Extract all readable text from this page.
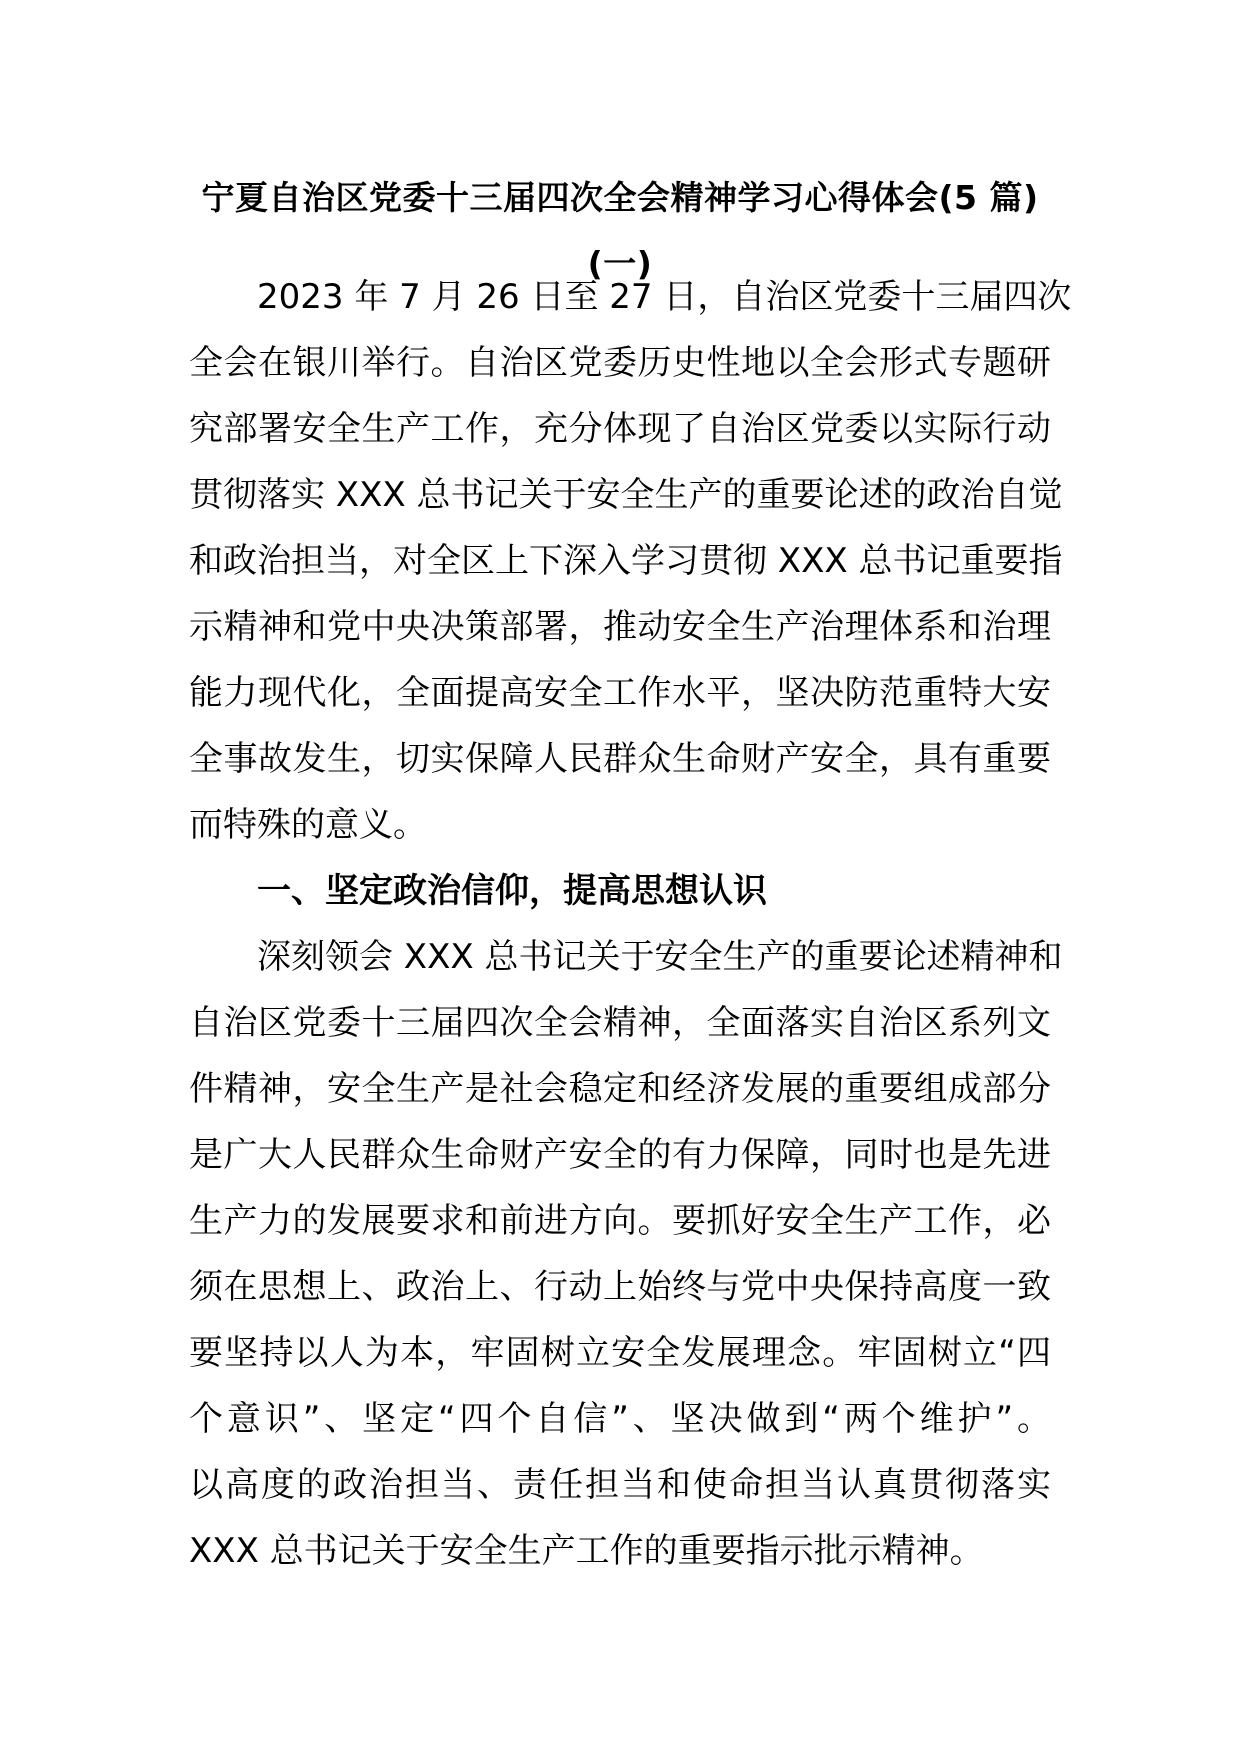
宁夏自治区党委十三届四次全会精神学习心得体会(5 篇)
(一)
2023 年 7 月 26 日至 27 日，自治区党委十三届四次
全会在银川举行。自治区党委历史性地以全会形式专题研
究部署安全生产工作，充分体现了自治区党委以实际行动
贯彻落实 XXX 总书记关于安全生产的重要论述的政治自觉
和政治担当，对全区上下深入学习贯彻 XXX 总书记重要指
示精神和党中央决策部署，推动安全生产治理体系和治理
能力现代化，全面提高安全工作水平，坚决防范重特大安
全事故发生，切实保障人民群众生命财产安全，具有重要
而特殊的意义。
一、坚定政治信仰，提高思想认识
深刻领会 XXX 总书记关于安全生产的重要论述精神和
自治区党委十三届四次全会精神，全面落实自治区系列文
件精神，安全生产是社会稳定和经济发展的重要组成部分
是广大人民群众生命财产安全的有力保障，同时也是先进
生产力的发展要求和前进方向。要抓好安全生产工作，必
须在思想上、政治上、行动上始终与党中央保持高度一致
要坚持以人为本，牢固树立安全发展理念。牢固树立“四
个意识”、坚定“四个自信”、坚决做到“两个维护”。
以高度的政治担当、责任担当和使命担当认真贯彻落实
XXX 总书记关于安全生产工作的重要指示批示精神。
